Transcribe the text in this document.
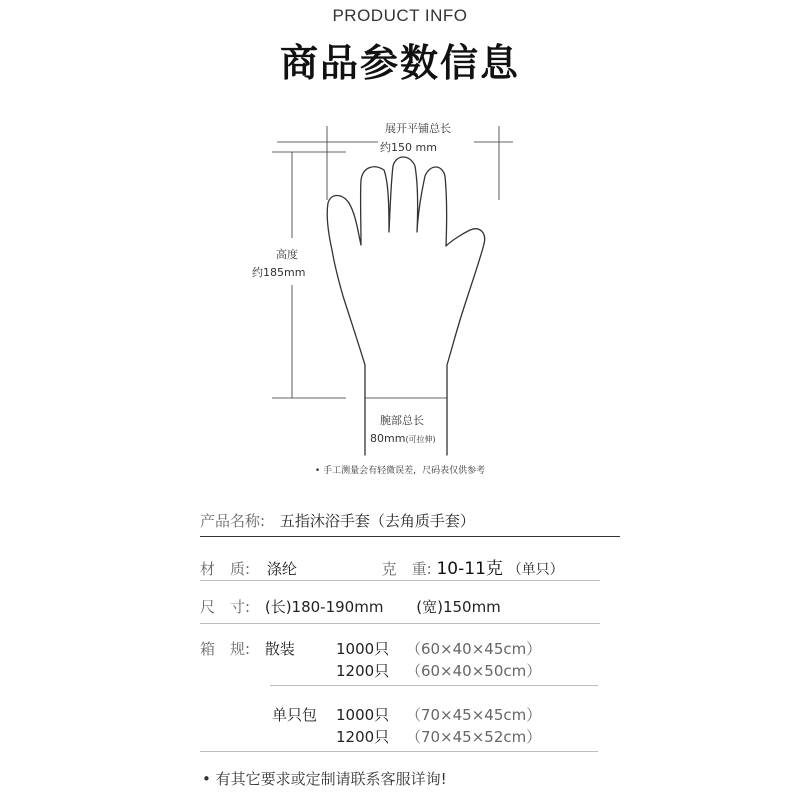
PRODUCT INFO
商品参数信息
展开平铺总长
约150 mm
高度
约185mm
腕部总长
80mm(可拉伸)
• 手工测量会有轻微误差，尺码表仅供参考
产品名称: 五指沐浴手套（去角质手套）
材　质: 涤纶	克　重: 10-11克 （单只）
尺　寸: (长)180-190mm (宽)150mm
箱　规: 散装	1000只 （60×40×45cm）
1200只 （60×40×50cm）
单只包	1000只 （70×45×45cm）
1200只 （70×45×52cm）
• 有其它要求或定制请联系客服详询!
